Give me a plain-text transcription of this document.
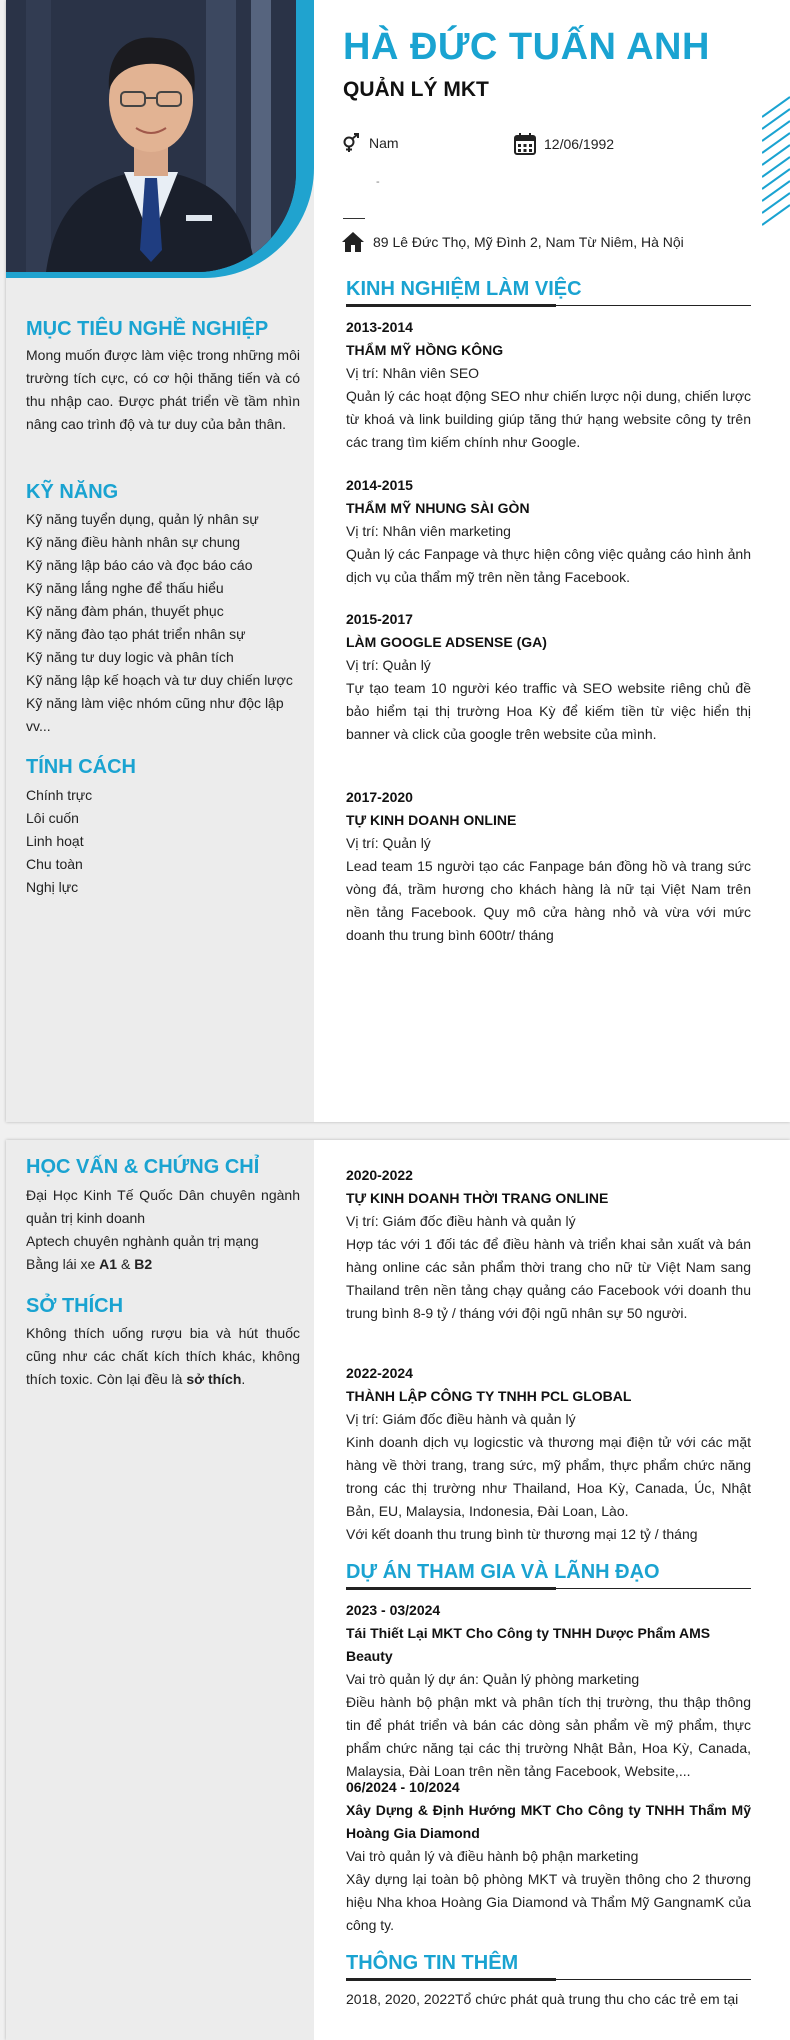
MỤC TIÊU NGHỀ NGHIỆP
Mong muốn được làm việc trong những môi trường tích cực, có cơ hội thăng tiến và có thu nhập cao. Được phát triển về tầm nhìn nâng cao trình độ và tư duy của bản thân.
KỸ NĂNG
Kỹ năng tuyển dụng, quản lý nhân sự
Kỹ năng điều hành nhân sự chung
Kỹ năng lập báo cáo và đọc báo cáo
Kỹ năng lắng nghe để thấu hiểu
Kỹ năng đàm phán, thuyết phục
Kỹ năng đào tạo phát triển nhân sự
Kỹ năng tư duy logic và phân tích
Kỹ năng lập kế hoạch và tư duy chiến lược
Kỹ năng làm việc nhóm cũng như độc lập vv...
TÍNH CÁCH
Chính trực
Lôi cuốn
Linh hoạt
Chu toàn
Nghị lực
HÀ ĐỨC TUẤN ANH
QUẢN LÝ MKT
Nam	12/06/1992
-
89 Lê Đức Thọ, Mỹ Đình 2, Nam Từ Niêm, Hà Nội
KINH NGHIỆM LÀM VIỆC

2013-2014

THẨM MỸ HỒNG KÔNG

Vị trí: Nhân viên SEO

Quản lý các hoạt động SEO như chiến lược nội dung, chiến lược từ khoá và link building giúp tăng thứ hạng website công ty trên các trang tìm kiếm chính như Google.

2014-2015

THẨM MỸ NHUNG SÀI GÒN

Vị trí: Nhân viên marketing

Quản lý các Fanpage và thực hiện công việc quảng cáo hình ảnh dịch vụ của thẩm mỹ trên nền tảng Facebook.

2015-2017

LÀM GOOGLE ADSENSE (GA)

Vị trí: Quản lý

Tự tạo team 10 người kéo traffic và SEO website riêng chủ đề bảo hiểm tại thị trường Hoa Kỳ để kiếm tiền từ việc hiển thị banner và click của google trên website của mình.

2017-2020

TỰ KINH DOANH ONLINE

Vị trí: Quản lý

Lead team 15 người tạo các Fanpage bán đồng hồ và trang sức vòng đá, trầm hương cho khách hàng là nữ tại Việt Nam trên nền tảng Facebook. Quy mô cửa hàng nhỏ và vừa với mức doanh thu trung bình 600tr/ tháng

HỌC VẤN & CHỨNG CHỈ
Đại Học Kinh Tế Quốc Dân chuyên ngành quản trị kinh doanh
Aptech chuyên nghành quản trị mạng
Bằng lái xe A1 & B2
SỞ THÍCH
Không thích uống rượu bia và hút thuốc cũng như các chất kích thích khác, không thích toxic. Còn lại đều là sở thích.

2020-2022

TỰ KINH DOANH THỜI TRANG ONLINE

Vị trí: Giám đốc điều hành và quản lý

Hợp tác với 1 đối tác để điều hành và triển khai sản xuất và bán hàng online các sản phẩm thời trang cho nữ từ Việt Nam sang Thailand trên nền tảng chạy quảng cáo Facebook với doanh thu trung bình 8-9 tỷ / tháng với đội ngũ nhân sự 50 người.

2022-2024

THÀNH LẬP CÔNG TY TNHH PCL GLOBAL

Vị trí: Giám đốc điều hành và quản lý

Kinh doanh dịch vụ logicstic và thương mại điện tử với các mặt hàng về thời trang, trang sức, mỹ phẩm, thực phẩm chức năng trong các thị trường như Thailand, Hoa Kỳ, Canada, Úc, Nhật Bản, EU, Malaysia, Indonesia, Đài Loan, Lào.

Với kết doanh thu trung bình từ thương mại 12 tỷ / tháng

DỰ ÁN THAM GIA VÀ LÃNH ĐẠO

2023 - 03/2024

Tái Thiết Lại MKT Cho Công ty TNHH Dược Phẩm AMS Beauty

Vai trò quản lý dự án: Quản lý phòng marketing

Điều hành bộ phận mkt và phân tích thị trường, thu thập thông tin để phát triển và bán các dòng sản phẩm về mỹ phẩm, thực phẩm chức năng tại các thị trường Nhật Bản, Hoa Kỳ, Canada, Malaysia, Đài Loan trên nền tảng Facebook, Website,...

06/2024 - 10/2024

Xây Dựng & Định Hướng MKT Cho Công ty TNHH Thẩm Mỹ Hoàng Gia Diamond

Vai trò quản lý và điều hành bộ phận marketing

Xây dựng lại toàn bộ phòng MKT và truyền thông cho 2 thương hiệu Nha khoa Hoàng Gia Diamond và Thẩm Mỹ GangnamK của công ty.

THÔNG TIN THÊM
2018, 2020, 2022Tổ chức phát quà trung thu cho các trẻ em tại
